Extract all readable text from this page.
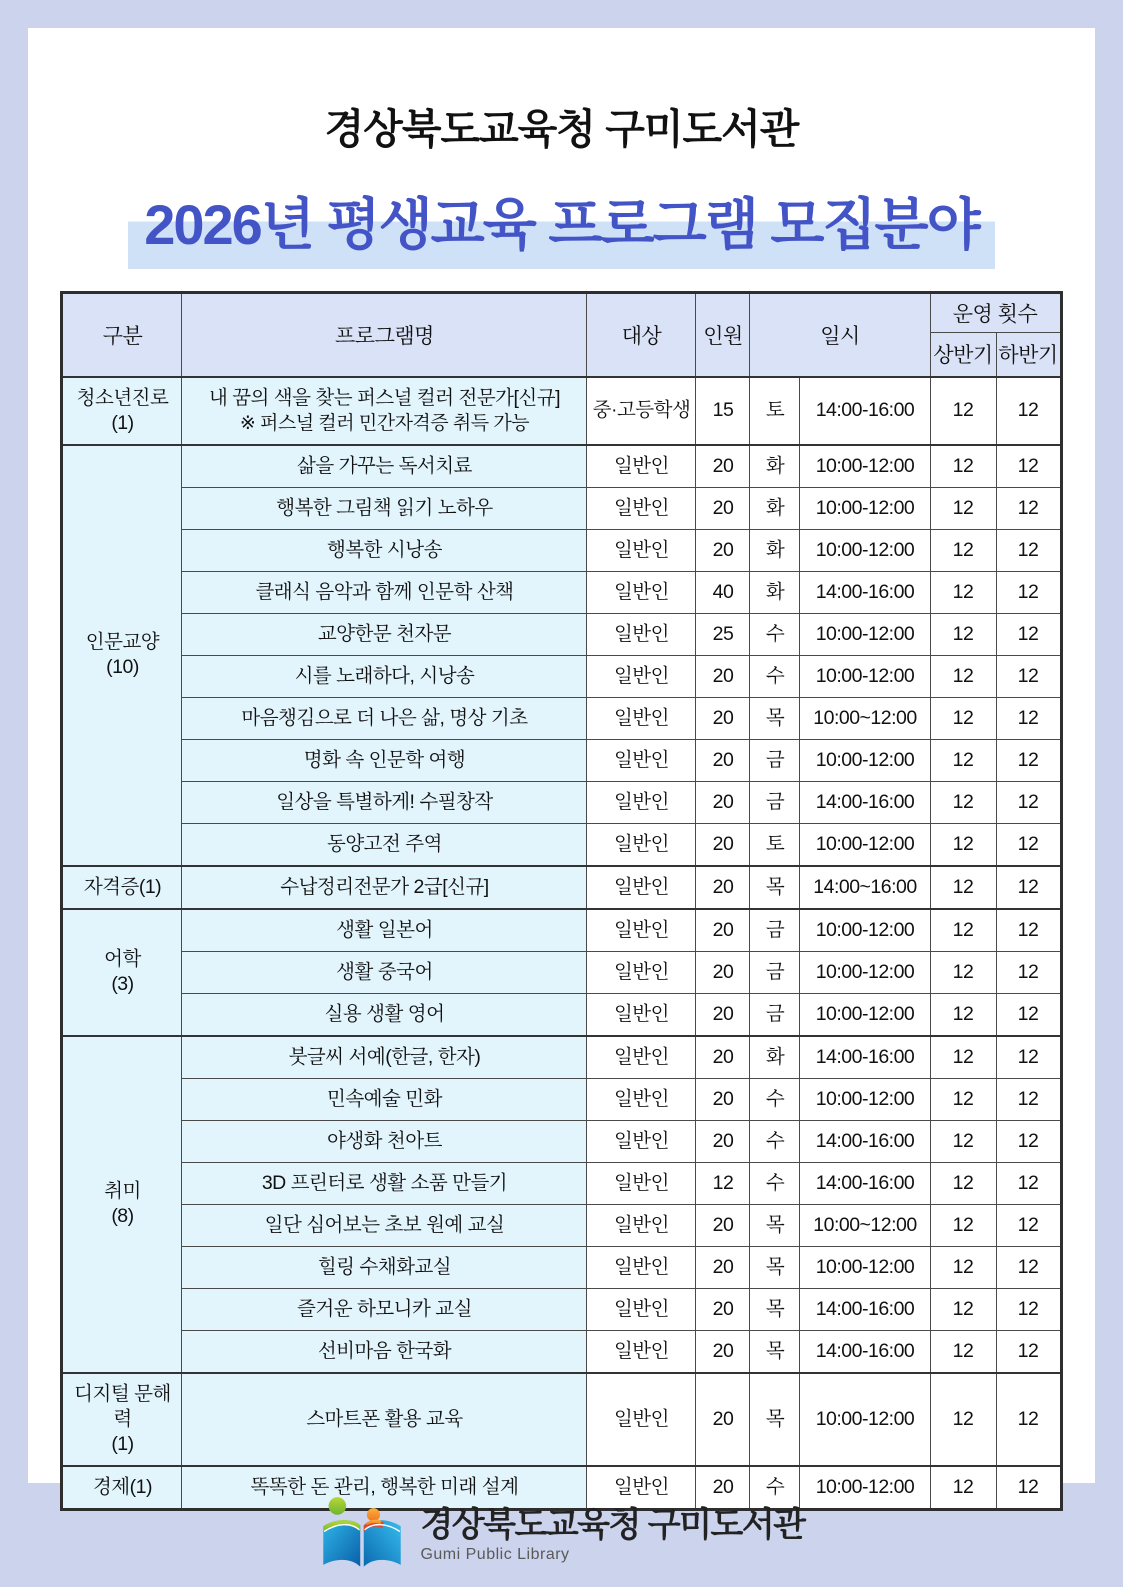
경상북도교육청 구미도서관
2026년 평생교육 프로그램 모집분야
구분	프로그램명	대상	인원	일시		운영 횟수	
						상반기	하반기

청소년진로
(1)

내 꿈의 색을 찾는 퍼스널 컬러 전문가[신규]
※ 퍼스널 컬러 민간자격증 취득 가능
	중·고등학생	15	토	14:00-16:00	12	12

인문교양
(10)	삶을 가꾸는 독서치료	일반인	20	화	10:00-12:00	12	12

	행복한 그림책 읽기 노하우	일반인	20	화	10:00-12:00	12	12

	행복한 시낭송	일반인	20	화	10:00-12:00	12	12

	클래식 음악과 함께 인문학 산책	일반인	40	화	14:00-16:00	12	12

	교양한문 천자문	일반인	25	수	10:00-12:00	12	12

	시를 노래하다, 시낭송	일반인	20	수	10:00-12:00	12	12

	마음챙김으로 더 나은 삶, 명상 기초	일반인	20	목	10:00~12:00	12	12

	명화 속 인문학 여행	일반인	20	금	10:00-12:00	12	12

	일상을 특별하게! 수필창작	일반인	20	금	14:00-16:00	12	12

	동양고전 주역	일반인	20	토	10:00-12:00	12	12

자격증(1)	수납정리전문가 2급[신규]	일반인	20	목	14:00~16:00	12	12

어학
(3)	생활 일본어	일반인	20	금	10:00-12:00	12	12

	생활 중국어	일반인	20	금	10:00-12:00	12	12

	실용 생활 영어	일반인	20	금	10:00-12:00	12	12

취미
(8)	붓글씨 서예(한글, 한자)	일반인	20	화	14:00-16:00	12	12

	민속예술 민화	일반인	20	수	10:00-12:00	12	12

	야생화 천아트	일반인	20	수	14:00-16:00	12	12

	3D 프린터로 생활 소품 만들기	일반인	12	수	14:00-16:00	12	12

	일단 심어보는 초보 원예 교실	일반인	20	목	10:00~12:00	12	12

	힐링 수채화교실	일반인	20	목	10:00-12:00	12	12

	즐거운 하모니카 교실	일반인	20	목	14:00-16:00	12	12

	선비마음 한국화	일반인	20	목	14:00-16:00	12	12

디지털 문해력
(1)	스마트폰 활용 교육	일반인	20	목	10:00-12:00	12	12

경제(1)	똑똑한 돈 관리, 행복한 미래 설계	일반인	20	수	10:00-12:00	12	12
경상북도교육청 구미도서관
Gumi Public Library
